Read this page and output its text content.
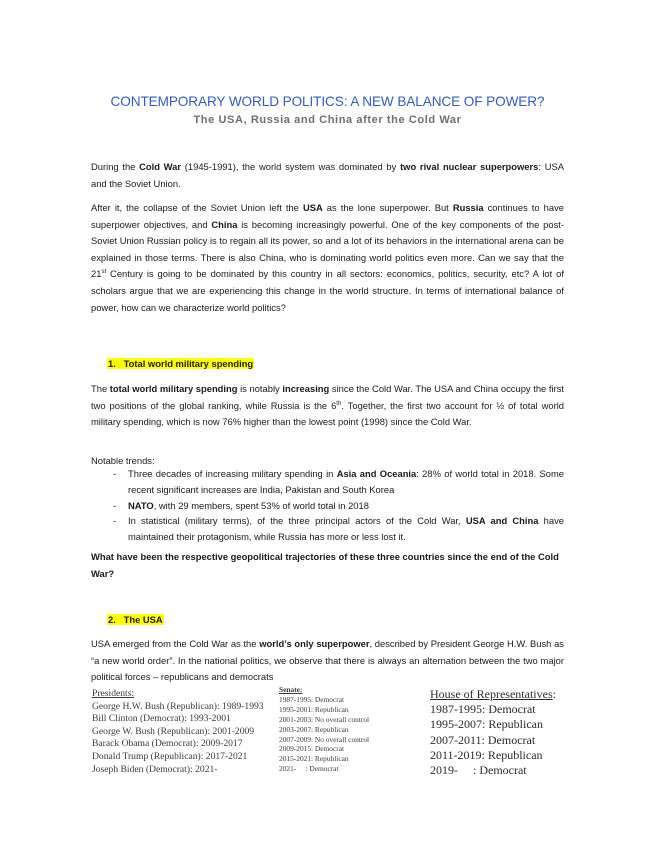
CONTEMPORARY WORLD POLITICS: A NEW BALANCE OF POWER?
The USA, Russia and China after the Cold War

During the Cold War (1945-1991), the world system was dominated by two rival nuclear superpowers: USA and the Soviet Union.

After it, the collapse of the Soviet Union left the USA as the lone superpower. But Russia continues to have superpower objectives, and China is becoming increasingly powerful. One of the key components of the post-Soviet Union Russian policy is to regain all its power, so and a lot of its behaviors in the international arena can be explained in those terms. There is also China, who is dominating world politics even more. Can we say that the 21st Century is going to be dominated by this country in all sectors: economics, politics, security, etc? A lot of scholars argue that we are experiencing this change in the world structure. In terms of international balance of power, how can we characterize world politics?

1.   Total world military spending

The total world military spending is notably increasing since the Cold War. The USA and China occupy the first two positions of the global ranking, while Russia is the 6th. Together, the first two account for ½ of total world military spending, which is now 76% higher than the lowest point (1998) since the Cold War.

Notable trends:
- Three decades of increasing military spending in Asia and Oceania: 28% of world total in 2018. Some recent significant increases are India, Pakistan and South Korea
- NATO, with 29 members, spent 53% of world total in 2018
- In statistical (military terms), of the three principal actors of the Cold War, USA and China have maintained their protagonism, while Russia has more or less lost it.

What have been the respective geopolitical trajectories of these three countries since the end of the Cold War?

2.   The USA

USA emerged from the Cold War as the world’s only superpower, described by President George H.W. Bush as “a new world order”. In the national politics, we observe that there is always an alternation between the two major political forces – republicans and democrats

Presidents:
George H.W. Bush (Republican): 1989-1993
Bill Clinton (Democrat): 1993-2001
George W. Bush (Republican): 2001-2009
Barack Obama (Democrat): 2009-2017
Donald Trump (Republican): 2017-2021
Joseph Biden (Democrat): 2021-
Senate:
1987-1995: Democrat
1995-2001: Republican
2001-2003: No overall control
2003-2007: Republican
2007-2009: No overall control
2009-2015: Democrat
2015-2021: Republican
2021-     : Democrat
House of Representatives:
1987-1995: Democrat
1995-2007: Republican
2007-2011: Democrat
2011-2019: Republican
2019-     : Democrat
